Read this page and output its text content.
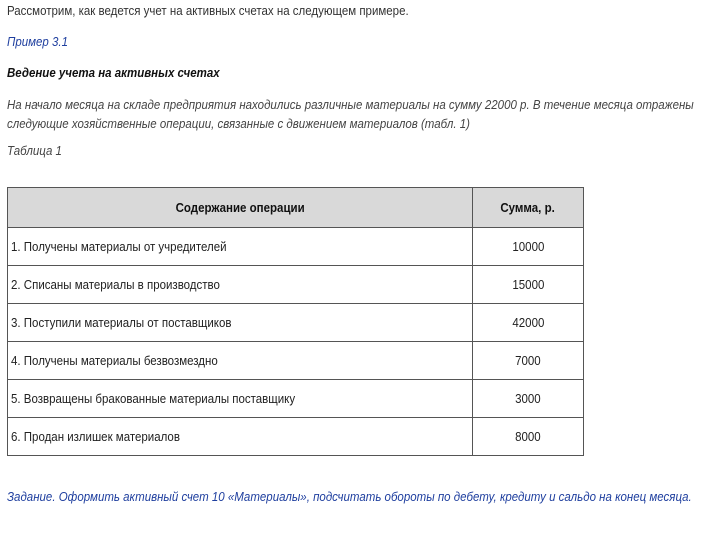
Рассмотрим, как ведется учет на активных счетах на следующем примере.
Пример 3.1
Ведение учета на активных счетах
На начало месяца на складе предприятия находились различные материалы на сумму 22000 р. В течение месяца отражены следующие хозяйственные операции, связанные с движением материалов (табл. 1)
Таблица 1
Содержание операции	Сумма, р.
1. Получены материалы от учредителей	10000
2. Списаны материалы в производство	15000
3. Поступили материалы от поставщиков	42000
4. Получены материалы безвозмездно	7000
5. Возвращены бракованные материалы поставщику	3000
6. Продан излишек материалов	8000
Задание. Оформить активный счет 10 «Материалы», подсчитать обороты по дебету, кредиту и сальдо на конец месяца.
